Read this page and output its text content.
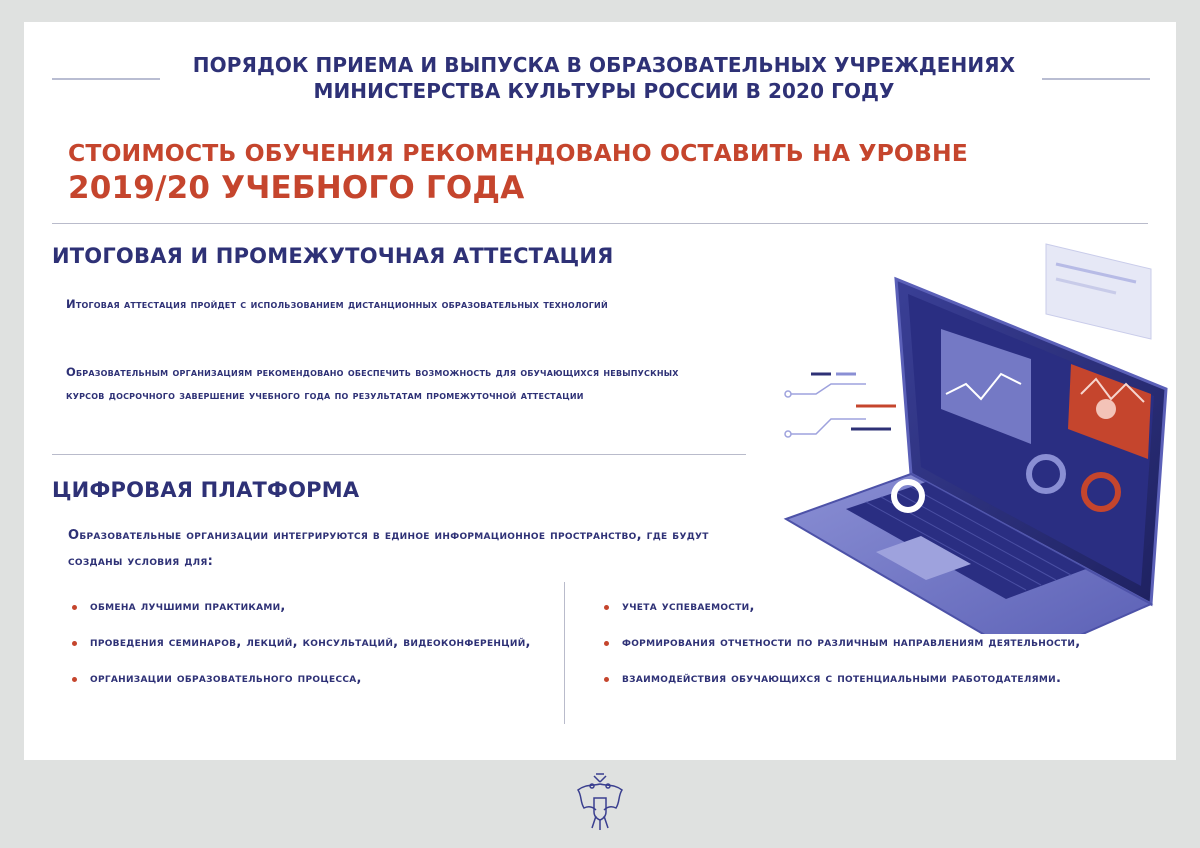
ПОРЯДОК ПРИЕМА И ВЫПУСКА В ОБРАЗОВАТЕЛЬНЫХ УЧРЕЖДЕНИЯХ
МИНИСТЕРСТВА КУЛЬТУРЫ РОССИИ В 2020 ГОДУ
СТОИМОСТЬ ОБУЧЕНИЯ РЕКОМЕНДОВАНО ОСТАВИТЬ НА УРОВНЕ
2019/20 УЧЕБНОГО ГОДА
ИТОГОВАЯ И ПРОМЕЖУТОЧНАЯ АТТЕСТАЦИЯ
Итоговая аттестация пройдет с использованием дистанционных образовательных технологий
Образовательным организациям рекомендовано обеспечить возможность для обучающихся невыпускных курсов досрочного завершение учебного года по результатам промежуточной аттестации
ЦИФРОВАЯ ПЛАТФОРМА
Образовательные организации интегрируются в единое информационное пространство, где будут созданы условия для:
обмена лучшими практиками,
проведения семинаров, лекций, консультаций, видеоконференций,
организации образовательного процесса,
учета успеваемости,
формирования отчетности по различным направлениям деятельности,
взаимодействия обучающихся с потенциальными работодателями.
